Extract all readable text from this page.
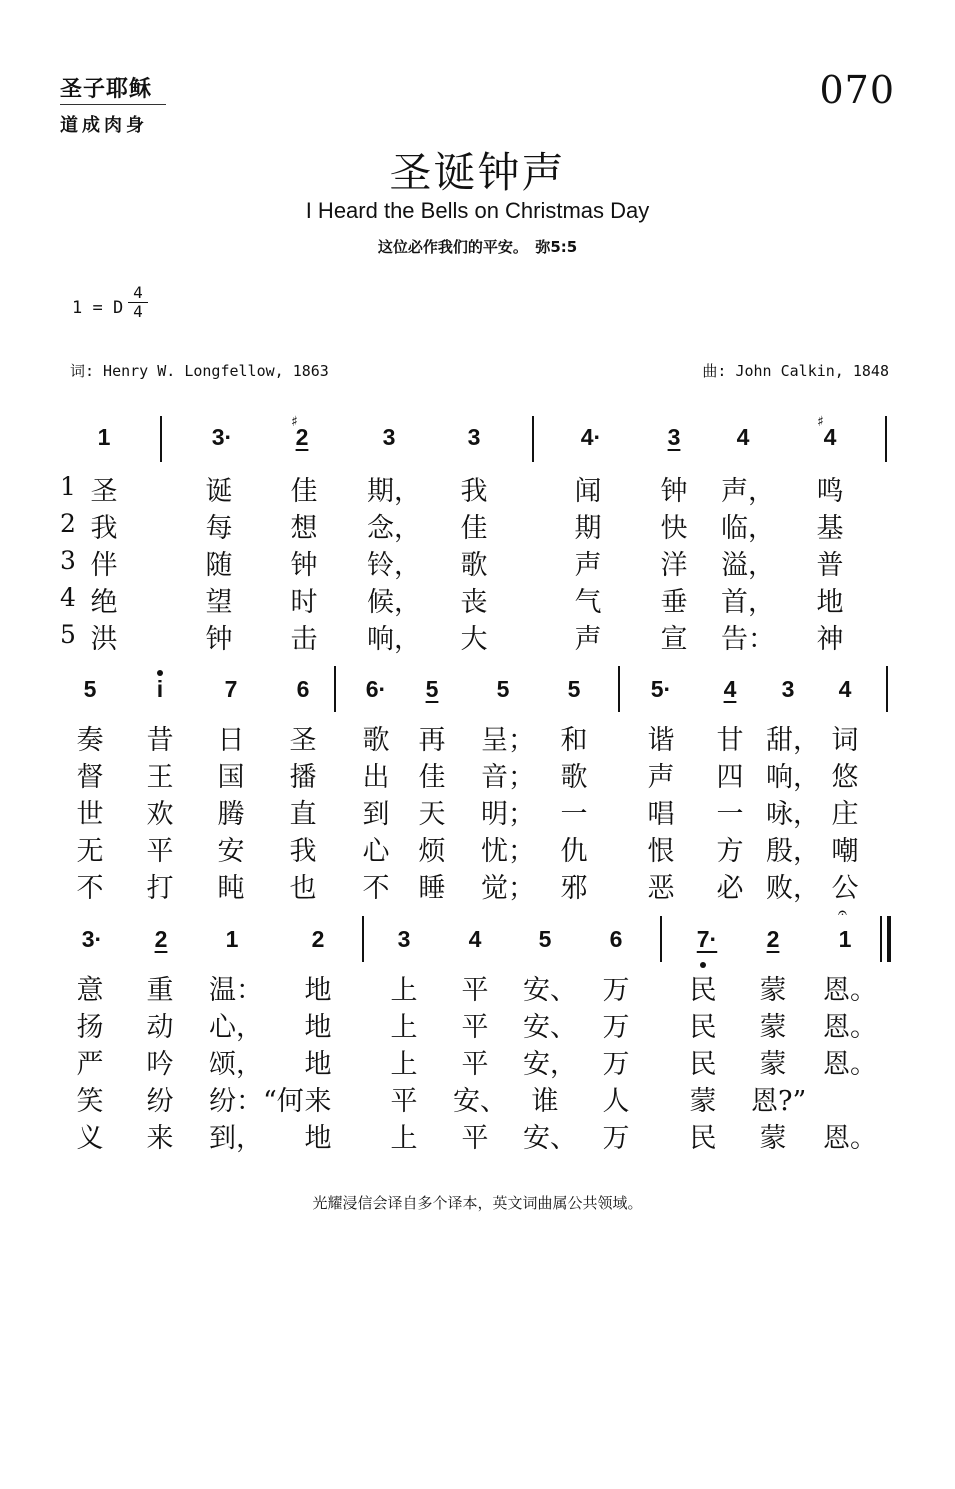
圣子耶稣
道成肉身
070
圣诞钟声
I Heard the Bells on Christmas Day
这位必作我们的平安。　弥5:5
1 = D
4
4
词: Henry W. Longfellow, 1863	曲: John Calkin, 1848
1	3·
♯
2	3	3	4·	3	4
♯
4
1
2
3
4
5
圣	诞	佳	期，	我	闻	钟	声，	鸣
我	每	想	念，	佳	期	快	临，	基
伴	随	钟	铃，	歌	声	洋	溢，	普
绝	望	时	候，	丧	气	垂	首，	地
洪	钟	击	响，	大	声	宣	告：	神
5	i	7	6	6·	5	5	5	5·	4	3	4
奏	昔	日	圣	歌	再	呈； 和	谐	甘 甜， 词
督	王	国	播	出	佳	音； 歌	声	四 响， 悠
世	欢	腾	直	到	天	明； 一	唱	一 咏， 庄
无	平	安	我	心	烦	忧； 仇	恨	方 殷， 嘲
不	打	盹	也	不	睡	觉； 邪	恶	必 败， 公
3·	2	1	2	3	4	5	6	7·	2	1
𝄐
意	重	温：	地	上	平	安、 万	民	蒙	恩。
扬	动	心，	地	上	平	安、 万	民	蒙	恩。
严	吟	颂，	地	上	平	安， 万	民	蒙	恩。
笑	纷	纷：“何 来	平	安、 谁	人	蒙	恩?”
义	来	到，	地	上	平	安、 万	民	蒙	恩。
光耀浸信会译自多个译本，英文词曲属公共领域。
